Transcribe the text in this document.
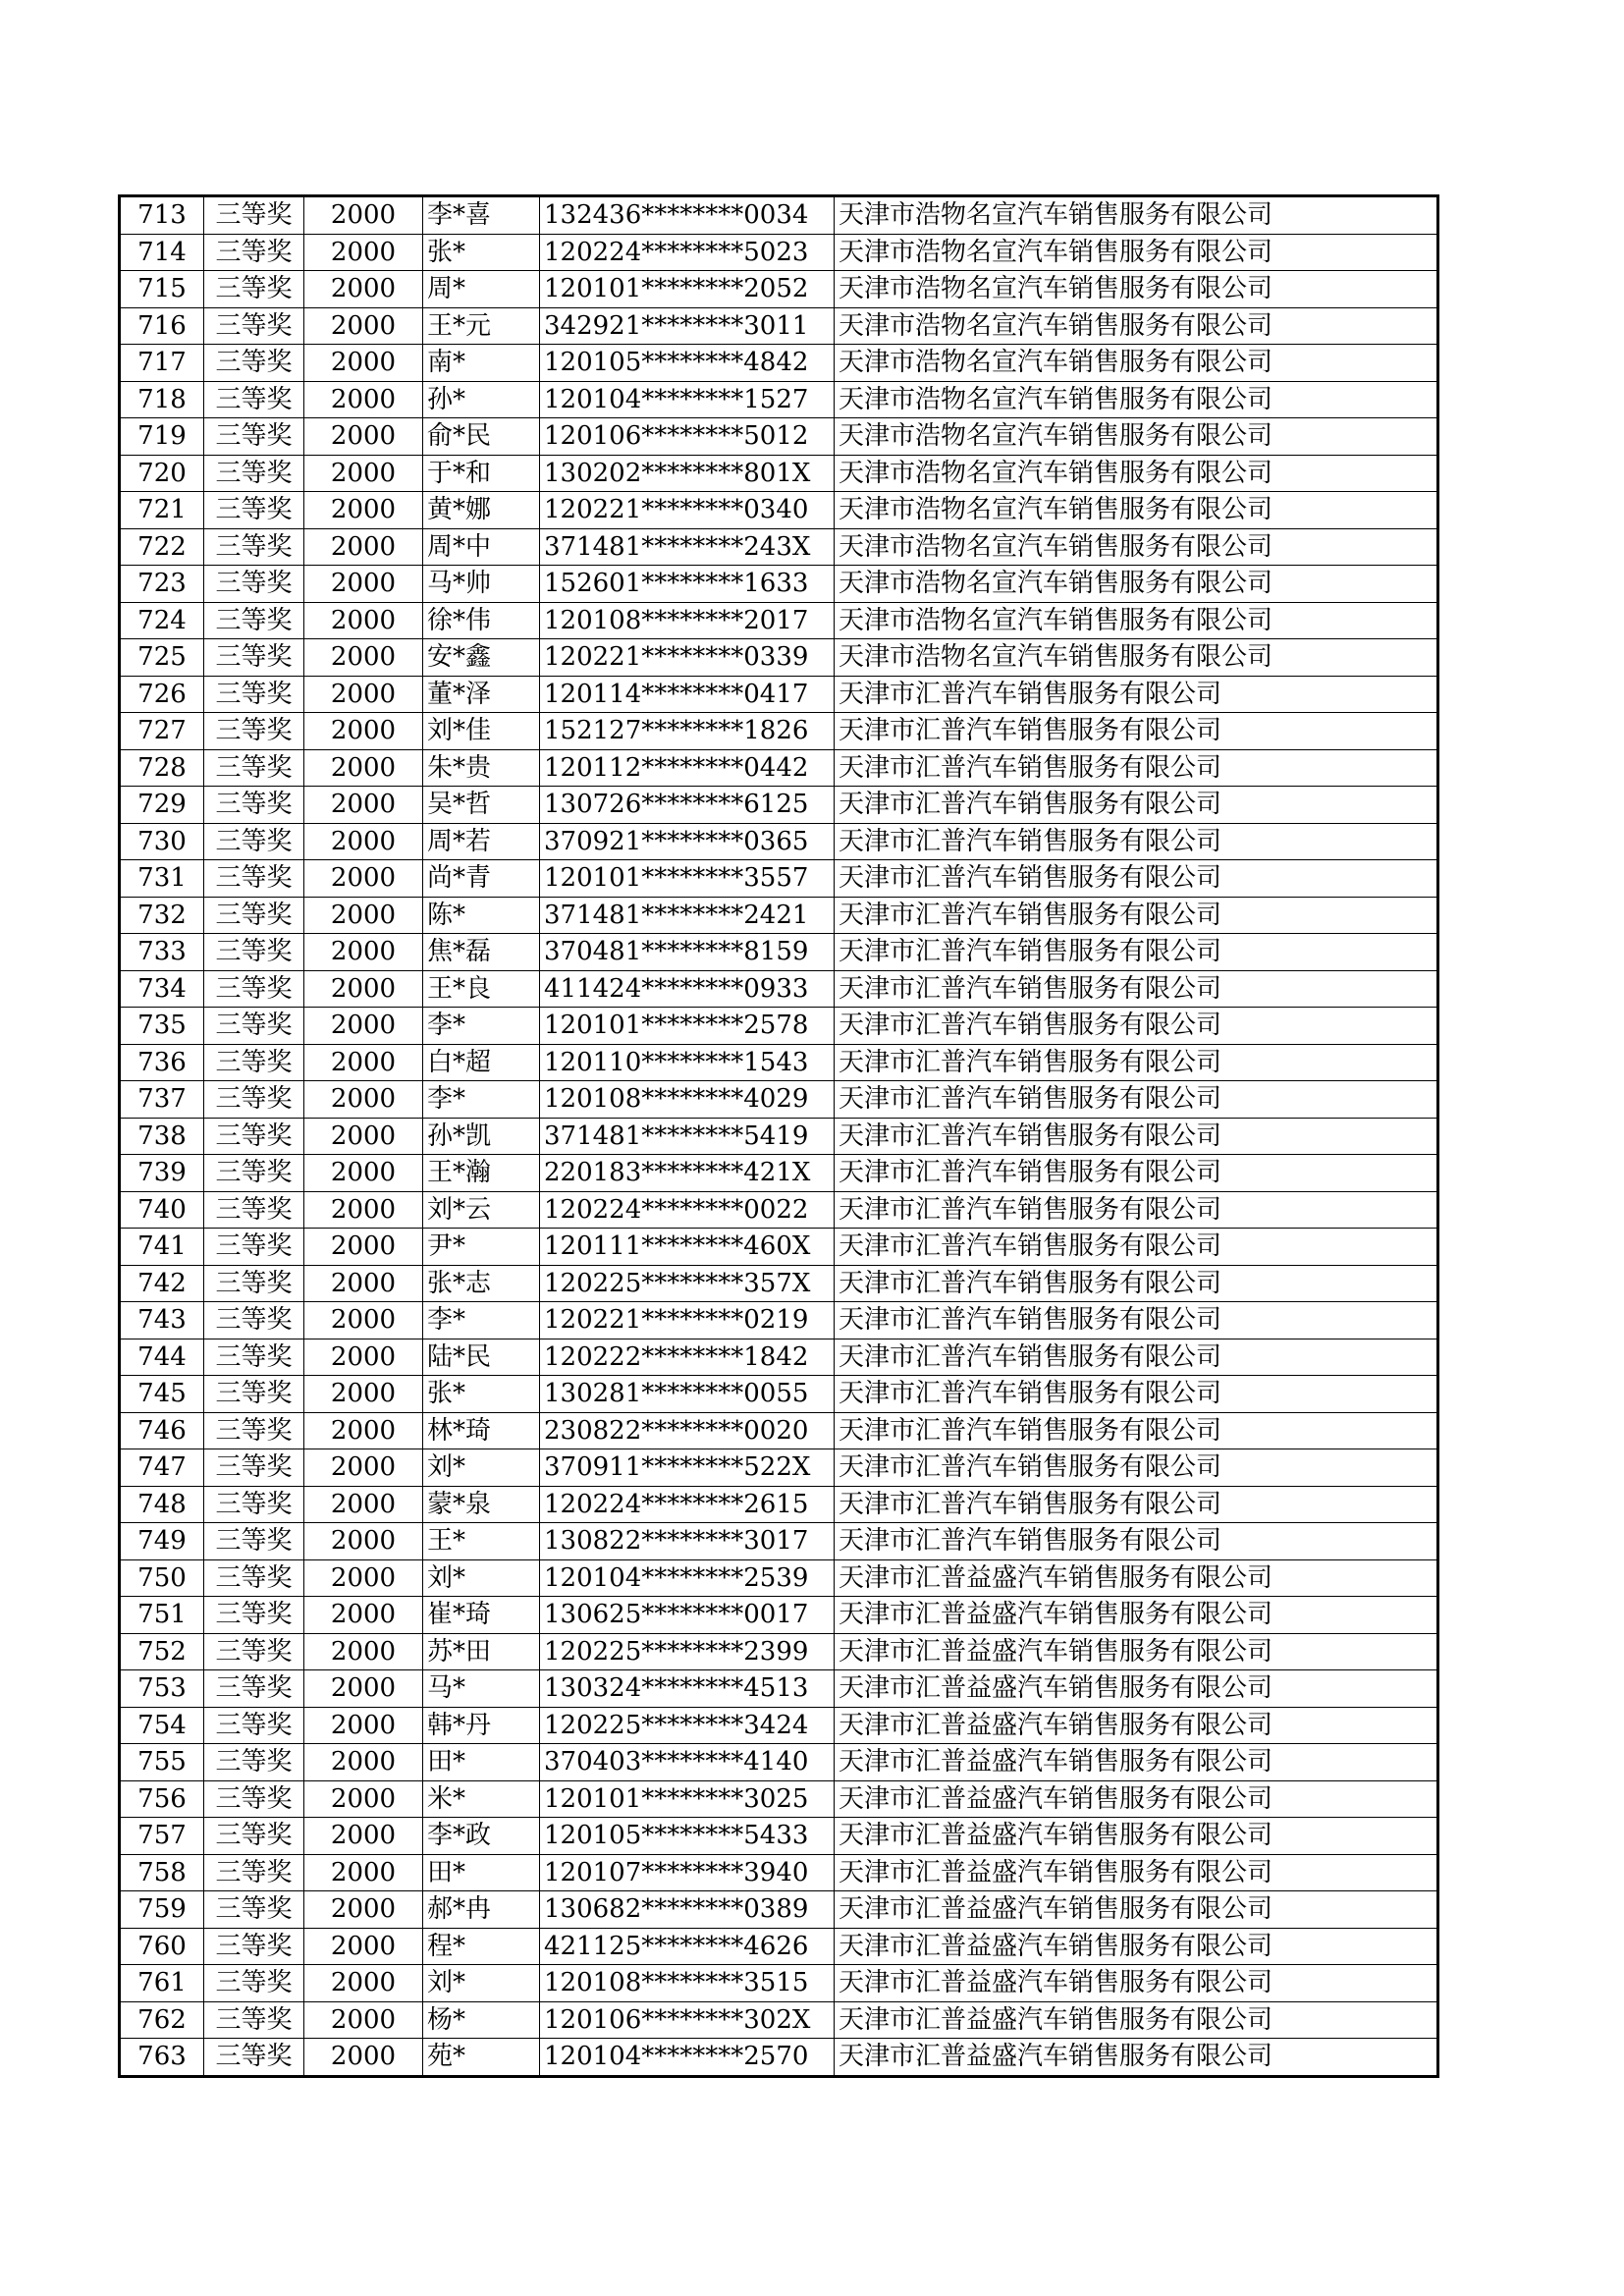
713	三等奖	2000	李*喜	132436********0034	天津市浩物名宣汽车销售服务有限公司
714	三等奖	2000	张*	120224********5023	天津市浩物名宣汽车销售服务有限公司
715	三等奖	2000	周*	120101********2052	天津市浩物名宣汽车销售服务有限公司
716	三等奖	2000	王*元	342921********3011	天津市浩物名宣汽车销售服务有限公司
717	三等奖	2000	南*	120105********4842	天津市浩物名宣汽车销售服务有限公司
718	三等奖	2000	孙*	120104********1527	天津市浩物名宣汽车销售服务有限公司
719	三等奖	2000	俞*民	120106********5012	天津市浩物名宣汽车销售服务有限公司
720	三等奖	2000	于*和	130202********801X	天津市浩物名宣汽车销售服务有限公司
721	三等奖	2000	黄*娜	120221********0340	天津市浩物名宣汽车销售服务有限公司
722	三等奖	2000	周*中	371481********243X	天津市浩物名宣汽车销售服务有限公司
723	三等奖	2000	马*帅	152601********1633	天津市浩物名宣汽车销售服务有限公司
724	三等奖	2000	徐*伟	120108********2017	天津市浩物名宣汽车销售服务有限公司
725	三等奖	2000	安*鑫	120221********0339	天津市浩物名宣汽车销售服务有限公司
726	三等奖	2000	董*泽	120114********0417	天津市汇普汽车销售服务有限公司
727	三等奖	2000	刘*佳	152127********1826	天津市汇普汽车销售服务有限公司
728	三等奖	2000	朱*贵	120112********0442	天津市汇普汽车销售服务有限公司
729	三等奖	2000	吴*哲	130726********6125	天津市汇普汽车销售服务有限公司
730	三等奖	2000	周*若	370921********0365	天津市汇普汽车销售服务有限公司
731	三等奖	2000	尚*青	120101********3557	天津市汇普汽车销售服务有限公司
732	三等奖	2000	陈*	371481********2421	天津市汇普汽车销售服务有限公司
733	三等奖	2000	焦*磊	370481********8159	天津市汇普汽车销售服务有限公司
734	三等奖	2000	王*良	411424********0933	天津市汇普汽车销售服务有限公司
735	三等奖	2000	李*	120101********2578	天津市汇普汽车销售服务有限公司
736	三等奖	2000	白*超	120110********1543	天津市汇普汽车销售服务有限公司
737	三等奖	2000	李*	120108********4029	天津市汇普汽车销售服务有限公司
738	三等奖	2000	孙*凯	371481********5419	天津市汇普汽车销售服务有限公司
739	三等奖	2000	王*瀚	220183********421X	天津市汇普汽车销售服务有限公司
740	三等奖	2000	刘*云	120224********0022	天津市汇普汽车销售服务有限公司
741	三等奖	2000	尹*	120111********460X	天津市汇普汽车销售服务有限公司
742	三等奖	2000	张*志	120225********357X	天津市汇普汽车销售服务有限公司
743	三等奖	2000	李*	120221********0219	天津市汇普汽车销售服务有限公司
744	三等奖	2000	陆*民	120222********1842	天津市汇普汽车销售服务有限公司
745	三等奖	2000	张*	130281********0055	天津市汇普汽车销售服务有限公司
746	三等奖	2000	林*琦	230822********0020	天津市汇普汽车销售服务有限公司
747	三等奖	2000	刘*	370911********522X	天津市汇普汽车销售服务有限公司
748	三等奖	2000	蒙*泉	120224********2615	天津市汇普汽车销售服务有限公司
749	三等奖	2000	王*	130822********3017	天津市汇普汽车销售服务有限公司
750	三等奖	2000	刘*	120104********2539	天津市汇普益盛汽车销售服务有限公司
751	三等奖	2000	崔*琦	130625********0017	天津市汇普益盛汽车销售服务有限公司
752	三等奖	2000	苏*田	120225********2399	天津市汇普益盛汽车销售服务有限公司
753	三等奖	2000	马*	130324********4513	天津市汇普益盛汽车销售服务有限公司
754	三等奖	2000	韩*丹	120225********3424	天津市汇普益盛汽车销售服务有限公司
755	三等奖	2000	田*	370403********4140	天津市汇普益盛汽车销售服务有限公司
756	三等奖	2000	米*	120101********3025	天津市汇普益盛汽车销售服务有限公司
757	三等奖	2000	李*政	120105********5433	天津市汇普益盛汽车销售服务有限公司
758	三等奖	2000	田*	120107********3940	天津市汇普益盛汽车销售服务有限公司
759	三等奖	2000	郝*冉	130682********0389	天津市汇普益盛汽车销售服务有限公司
760	三等奖	2000	程*	421125********4626	天津市汇普益盛汽车销售服务有限公司
761	三等奖	2000	刘*	120108********3515	天津市汇普益盛汽车销售服务有限公司
762	三等奖	2000	杨*	120106********302X	天津市汇普益盛汽车销售服务有限公司
763	三等奖	2000	苑*	120104********2570	天津市汇普益盛汽车销售服务有限公司
